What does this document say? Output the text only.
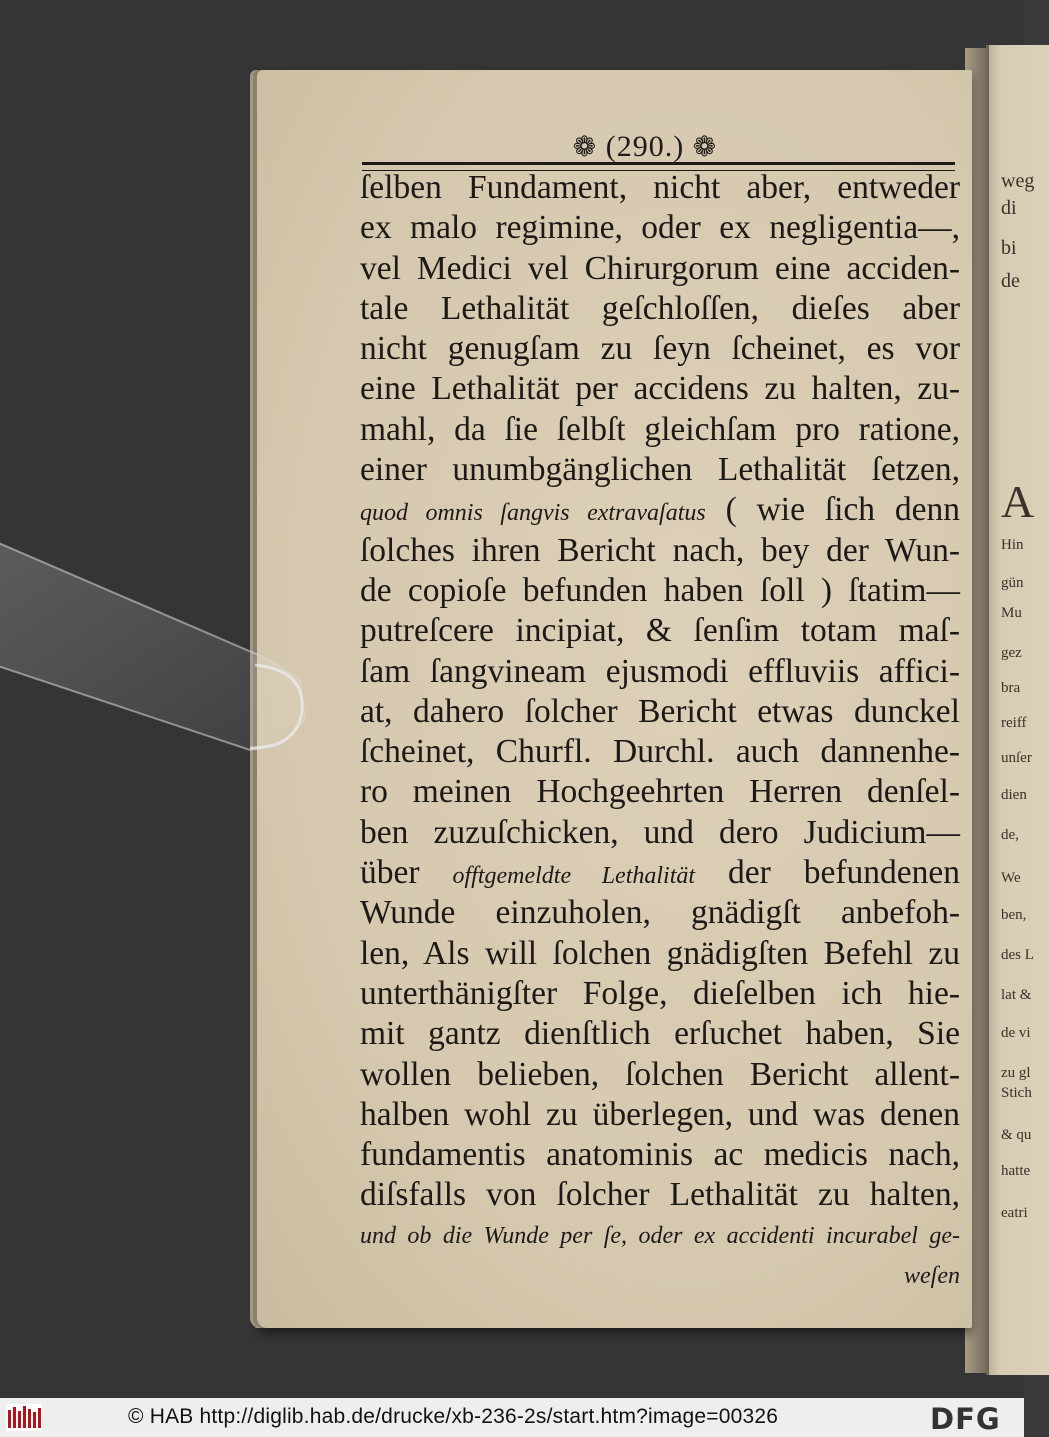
weg
di
bi
de
A
Hin
gün
Mu
gez
bra
reiff
unſer
dien
de,
We
ben,
des L
lat &
de vi
zu gl
Stich
& qu
hatte
eatri
❁ (290.) ❁
ſelben Fundament, nicht aber, entweder
ex malo regimine, oder ex negligentia—,
vel Medici vel Chirurgorum eine acciden-
tale Lethalität geſchloſſen, dieſes aber
nicht genugſam zu ſeyn ſcheinet, es vor
eine Lethalität per accidens zu halten, zu-
mahl, da ſie ſelbſt gleichſam pro ratione,
einer unumbgänglichen Lethalität ſetzen,
quod omnis ſangvis extravaſatus ( wie ſich denn
ſolches ihren Bericht nach, bey der Wun-
de copioſe befunden haben ſoll ) ſtatim—
putreſcere incipiat, & ſenſim totam maſ-
ſam ſangvineam ejusmodi effluviis affici-
at, dahero ſolcher Bericht etwas dunckel
ſcheinet, Churfl. Durchl. auch dannenhe-
ro meinen Hochgeehrten Herren denſel-
ben zuzuſchicken, und dero Judicium—
über offtgemeldte Lethalität der befundenen
Wunde einzuholen, gnädigſt anbefoh-
len, Als will ſolchen gnädigſten Befehl zu
unterthänigſter Folge, dieſelben ich hie-
mit gantz dienſtlich erſuchet haben, Sie
wollen belieben, ſolchen Bericht allent-
halben wohl zu überlegen, und was denen
fundamentis anatominis ac medicis nach,
diſsfalls von ſolcher Lethalität zu halten,
und ob die Wunde per ſe, oder ex accidenti incurabel ge-
weſen
© HAB http://diglib.hab.de/drucke/xb-236-2s/start.htm?image=00326	DFG
